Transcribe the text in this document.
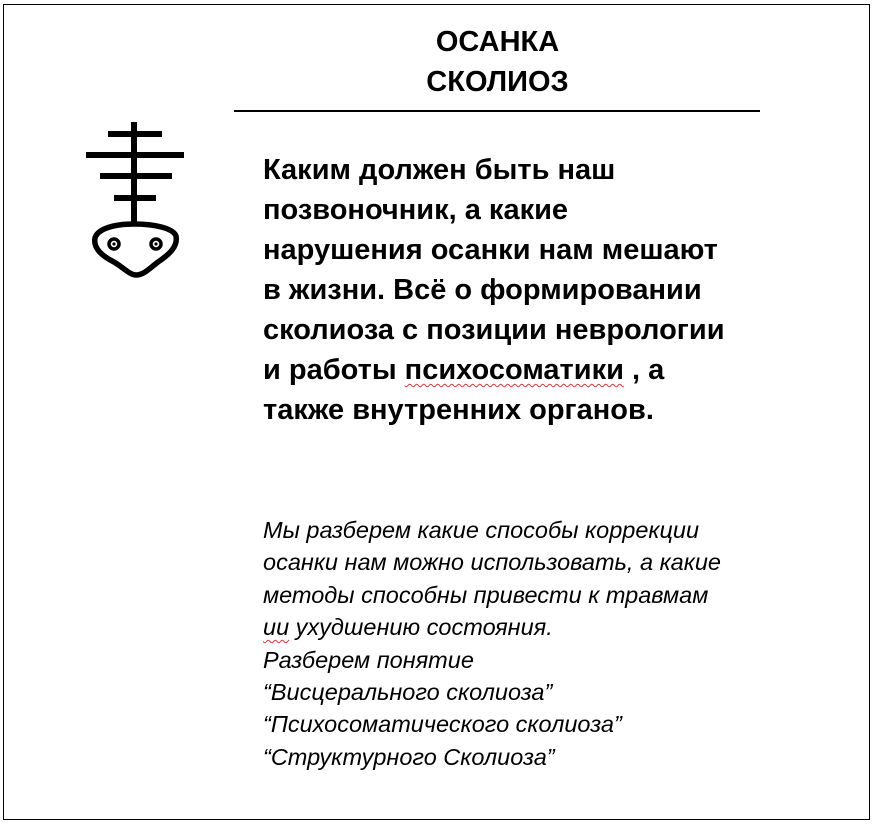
ОСАНКА
СКОЛИОЗ
Каким должен быть наш
позвоночник, а какие
нарушения осанки нам мешают
в жизни. Всё о формировании
сколиоза с позиции неврологии
и работы психосоматики , а
также внутренних органов.
Мы разберем какие способы коррекции
осанки нам можно использовать, а какие
методы способны привести к травмам
ии ухудшению состояния.
Разберем понятие
“Висцерального сколиоза”
“Психосоматического сколиоза”
“Структурного Сколиоза”
